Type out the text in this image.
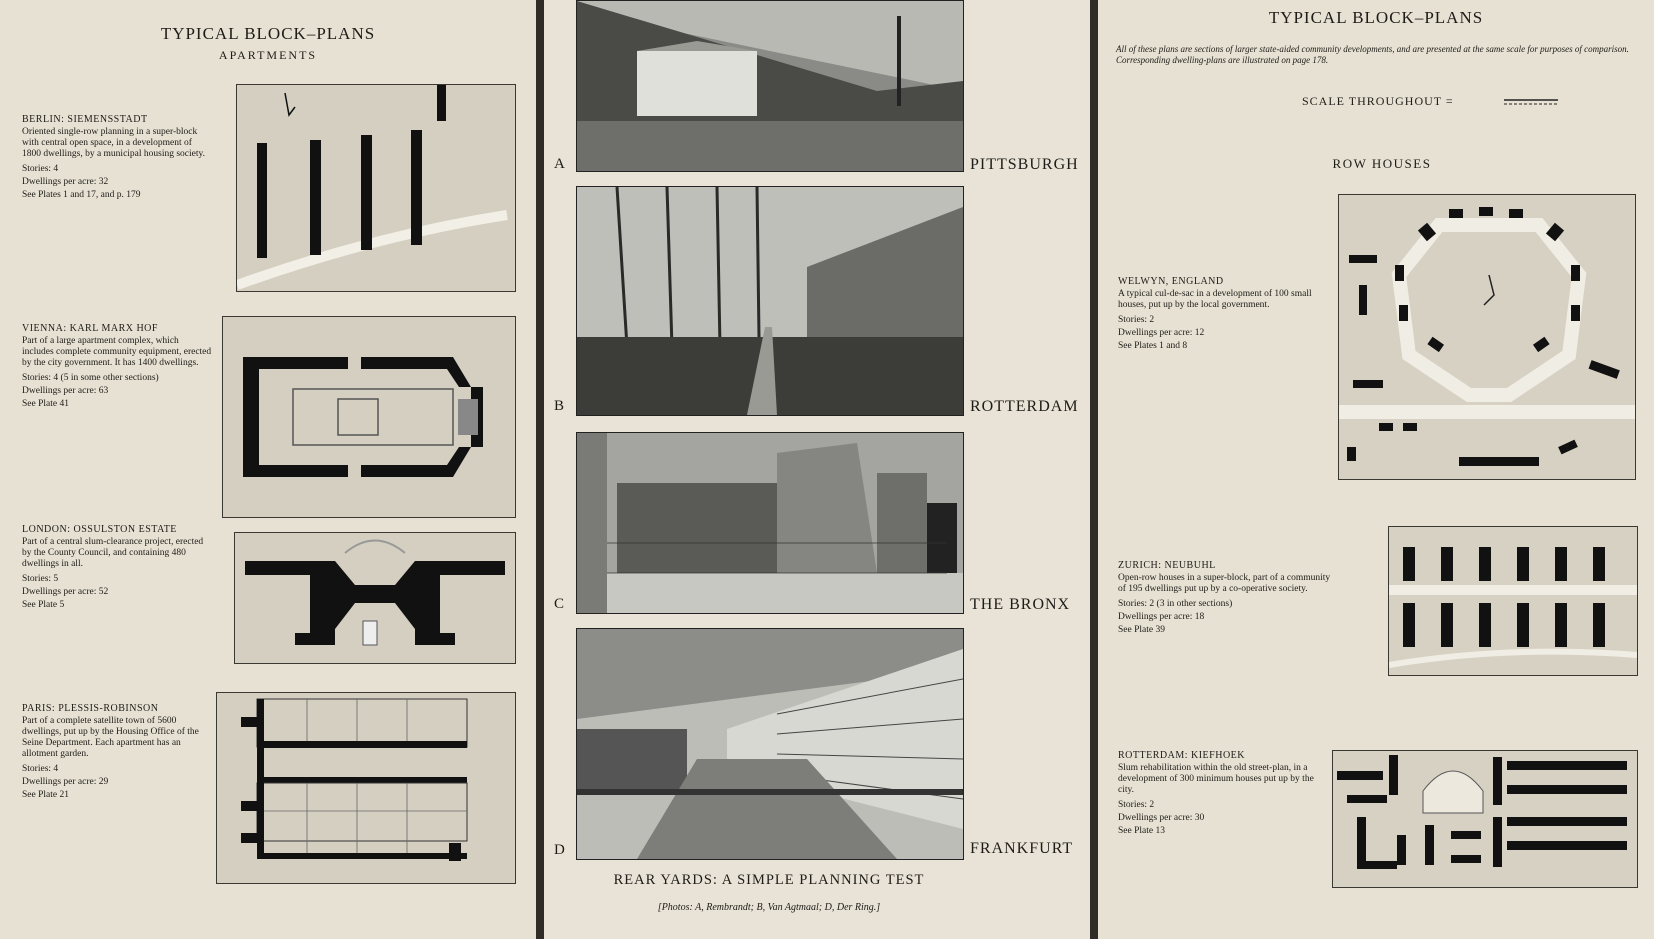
TYPICAL BLOCK–PLANS
APARTMENTS
BERLIN: SIEMENSSTADT
Oriented single-row planning in a super-block with central open space, in a development of 1800 dwellings, by a municipal housing society.
Stories: 4
Dwellings per acre: 32
See Plates 1 and 17, and p. 179
VIENNA: KARL MARX HOF
Part of a large apartment complex, which includes complete community equipment, erected by the city government. It has 1400 dwellings.
Stories: 4 (5 in some other sections)
Dwellings per acre: 63
See Plate 41
LONDON: OSSULSTON ESTATE
Part of a central slum-clearance project, erected by the County Council, and containing 480 dwellings in all.
Stories: 5
Dwellings per acre: 52
See Plate 5
PARIS: PLESSIS-ROBINSON
Part of a complete satellite town of 5600 dwellings, put up by the Housing Office of the Seine Department. Each apartment has an allotment garden.
Stories: 4
Dwellings per acre: 29
See Plate 21
A	PITTSBURGH
B	ROTTERDAM
C	THE BRONX
D	FRANKFURT
REAR YARDS: A SIMPLE PLANNING TEST
[Photos: A, Rembrandt; B, Van Agtmaal; D, Der Ring.]
TYPICAL BLOCK–PLANS
All of these plans are sections of larger state-aided community developments, and are presented at the same scale for purposes of comparison. Corresponding dwelling-plans are illustrated on page 178.
SCALE THROUGHOUT =
ROW HOUSES
WELWYN, ENGLAND
A typical cul-de-sac in a development of 100 small houses, put up by the local government.
Stories: 2
Dwellings per acre: 12
See Plates 1 and 8
ZURICH: NEUBUHL
Open-row houses in a super-block, part of a community of 195 dwellings put up by a co-operative society.
Stories: 2 (3 in other sections)
Dwellings per acre: 18
See Plate 39
ROTTERDAM: KIEFHOEK
Slum rehabilitation within the old street-plan, in a development of 300 minimum houses put up by the city.
Stories: 2
Dwellings per acre: 30
See Plate 13
